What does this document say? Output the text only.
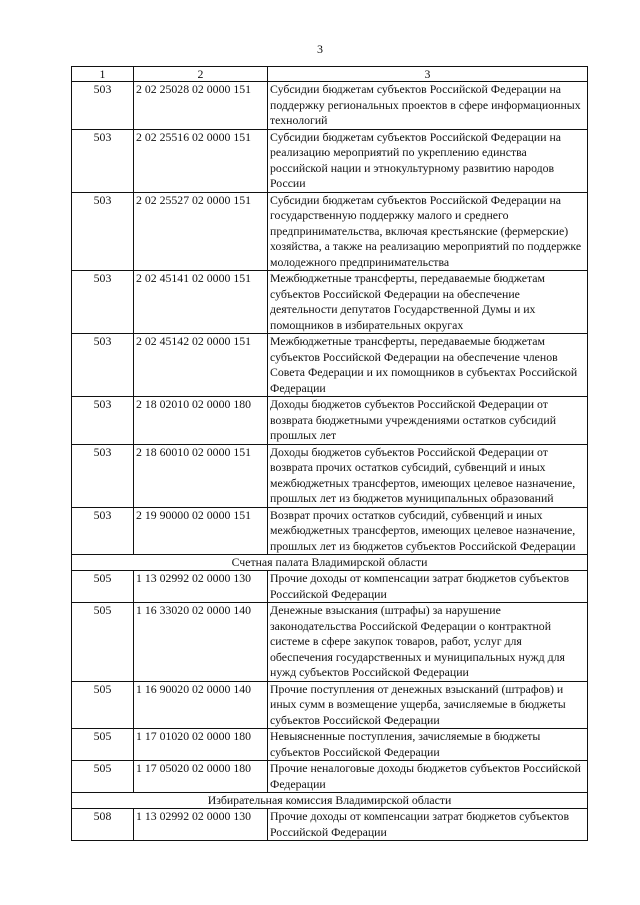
3
1	2	3
503	2 02 25028 02 0000 151	Субсидии бюджетам субъектов Российской Федерации на поддержку региональных проектов в сфере информационных технологий
503	2 02 25516 02 0000 151	Субсидии бюджетам субъектов Российской Федерации на реализацию мероприятий по укреплению единства российской нации и этнокультурному развитию народов России
503	2 02 25527 02 0000 151	Субсидии бюджетам субъектов Российской Федерации на государственную поддержку малого и среднего предпринимательства, включая крестьянские (фермерские) хозяйства, а также на реализацию мероприятий по поддержке молодежного предпринимательства
503	2 02 45141 02 0000 151	Межбюджетные трансферты, передаваемые бюджетам субъектов Российской Федерации на обеспечение деятельности депутатов Государственной Думы и их помощников в избирательных округах
503	2 02 45142 02 0000 151	Межбюджетные трансферты, передаваемые бюджетам субъектов Российской Федерации на обеспечение членов Совета Федерации и их помощников в субъектах Российской Федерации
503	2 18 02010 02 0000 180	Доходы бюджетов субъектов Российской Федерации от возврата бюджетными учреждениями остатков субсидий прошлых лет
503	2 18 60010 02 0000 151	Доходы бюджетов субъектов Российской Федерации от возврата прочих остатков субсидий, субвенций и иных межбюджетных трансфертов, имеющих целевое назначение, прошлых лет из бюджетов муниципальных образований
503	2 19 90000 02 0000 151	Возврат прочих остатков субсидий, субвенций и иных межбюджетных трансфертов, имеющих целевое назначение, прошлых лет из бюджетов субъектов Российской Федерации
Счетная палата Владимирской области		
505	1 13 02992 02 0000 130	Прочие доходы от компенсации затрат бюджетов субъектов Российской Федерации
505	1 16 33020 02 0000 140	Денежные взыскания (штрафы) за нарушение законодательства Российской Федерации о контрактной системе в сфере закупок товаров, работ, услуг для обеспечения государственных и муниципальных нужд для нужд субъектов Российской Федерации
505	1 16 90020 02 0000 140	Прочие поступления от денежных взысканий (штрафов) и иных сумм в возмещение ущерба, зачисляемые в бюджеты субъектов Российской Федерации
505	1 17 01020 02 0000 180	Невыясненные поступления, зачисляемые в бюджеты субъектов Российской Федерации
505	1 17 05020 02 0000 180	Прочие неналоговые доходы бюджетов субъектов Российской Федерации
Избирательная комиссия Владимирской области		
508	1 13 02992 02 0000 130	Прочие доходы от компенсации затрат бюджетов субъектов Российской Федерации
